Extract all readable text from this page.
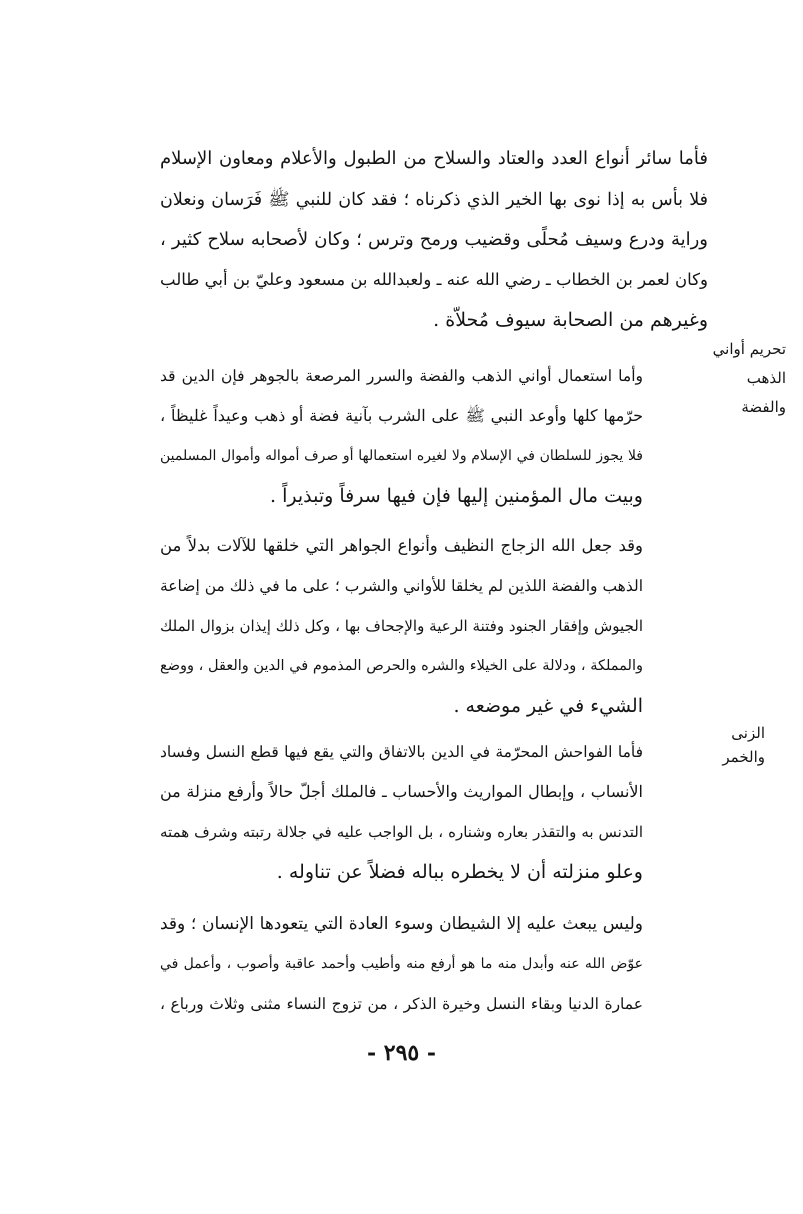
فأما سائر أنواع العدد والعتاد والسلاح من الطبول والأعلام ومعاون الإسلام
فلا بأس به إذا نوى بها الخير الذي ذكرناه ؛ فقد كان للنبي ﷺ فَرَسان ونعلان
وراية ودرع وسيف مُحلًى وقضيب ورمح وترس ؛ وكان لأصحابه سلاح كثير ،
وكان لعمر بن الخطاب ـ رضي الله عنه ـ ولعبدالله بن مسعود وعليّ بن أبي طالب
وغيرهم من الصحابة سيوف مُحلاّة .
تحريم أواني
الذهب
والفضة
وأما استعمال أواني الذهب والفضة والسرر المرصعة بالجوهر فإن الدين قد
حرّمها كلها وأوعد النبي ﷺ على الشرب بآنية فضة أو ذهب وعيداً غليظاً ،
فلا يجوز للسلطان في الإسلام ولا لغيره استعمالها أو صرف أمواله وأموال المسلمين
وبيت مال المؤمنين إليها فإن فيها سرفاً وتبذيراً .
وقد جعل الله الزجاج النظيف وأنواع الجواهر التي خلقها للآلات بدلاً من
الذهب والفضة اللذين لم يخلقا للأواني والشرب ؛ على ما في ذلك من إضاعة
الجيوش وإفقار الجنود وفتنة الرعية والإجحاف بها ، وكل ذلك إيذان بزوال الملك
والمملكة ، ودلالة على الخيلاء والشره والحرص المذموم في الدين والعقل ، ووضع
الشيء في غير موضعه .
الزنى
والخمر
فأما الفواحش المحرّمة في الدين بالاتفاق والتي يقع فيها قطع النسل وفساد
الأنساب ، وإبطال المواريث والأحساب ـ فالملك أجلّ حالاً وأرفع منزلة من
التدنس به والتقذر بعاره وشناره ، بل الواجب عليه في جلالة رتبته وشرف همته
وعلو منزلته أن لا يخطره بباله فضلاً عن تناوله .
وليس يبعث عليه إلا الشيطان وسوء العادة التي يتعودها الإنسان ؛ وقد
عوّض الله عنه وأبدل منه ما هو أرفع منه وأطيب وأحمد عاقبة وأصوب ، وأعمل في
عمارة الدنيا وبقاء النسل وخيرة الذكر ، من تزوج النساء مثنى وثلاث ورباع ،
- ٢٩٥ -
